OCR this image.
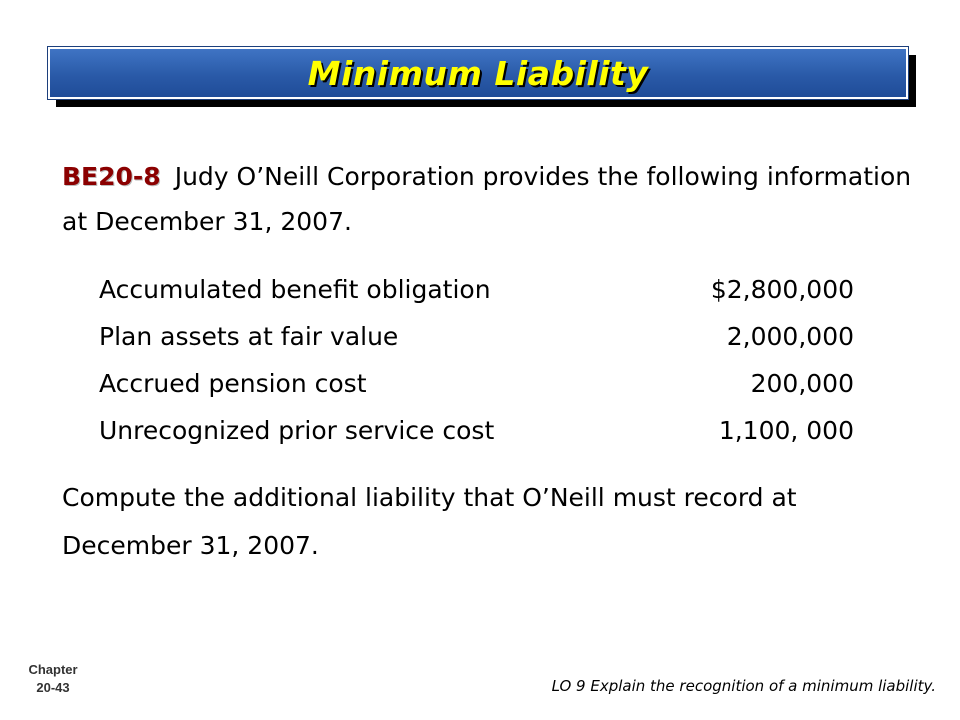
Minimum Liability

BE20-8 Judy O’Neill Corporation provides the following information at December 31, 2007.

Accumulated benefit obligation	$2,800,000
Plan assets at fair value	2,000,000
Accrued pension cost	200,000
Unrecognized prior service cost	1,100, 000

Compute the additional liability that O’Neill must record at December 31, 2007.

Chapter
20-43	LO 9 Explain the recognition of a minimum liability.
